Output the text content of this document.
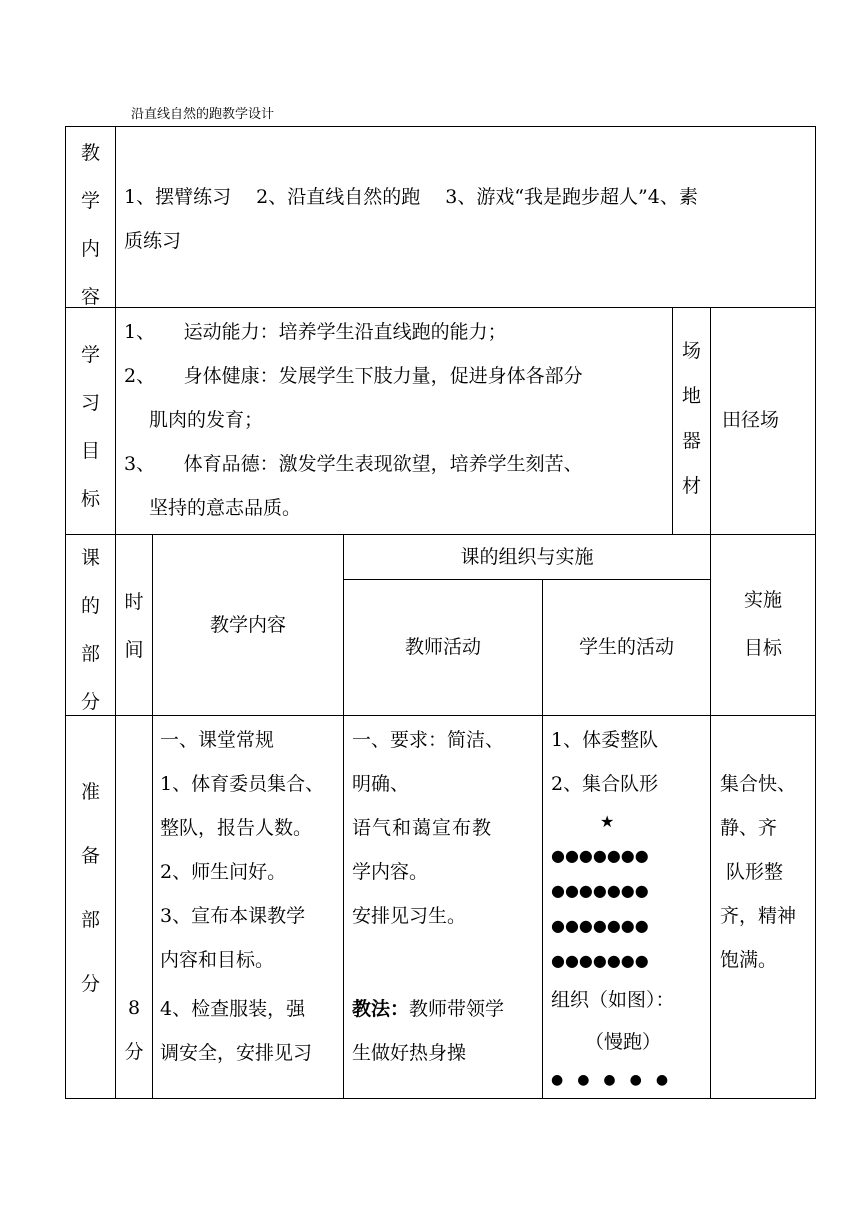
沿直线自然的跑教学设计
教
学
内
容
1、摆臂练习　 2、沿直线自然的跑　 3、游戏“我是跑步超人”4、素
质练习
学
习
目
标
1、　　运动能力：培养学生沿直线跑的能力；
2、　　身体健康：发展学生下肢力量，促进身体各部分
肌肉的发育；
3、　　体育品德：激发学生表现欲望，培养学生刻苦、
坚持的意志品质。
场
地
器
材
田径场
课
的
部
分
时
间
教学内容
课的组织与实施
教师活动	学生的活动
实施
目标
准

备

部

分
8
分
一、课堂常规
1、体育委员集合、
整队，报告人数。
2、师生问好。
3、宣布本课教学
内容和目标。
4、检查服装，强
调安全，安排见习
一、要求：简洁、
明确、
语气和蔼宣布教
学内容。
安排见习生。
教法：教师带领学
生做好热身操
1、体委整队
2、集合队形
★
●●●●●●●
●●●●●●●
●●●●●●●
●●●●●●●
组织（如图）：
（慢跑）
●　●　●　●　●
集合快、
静、齐
队形整
齐，精神
饱满。
